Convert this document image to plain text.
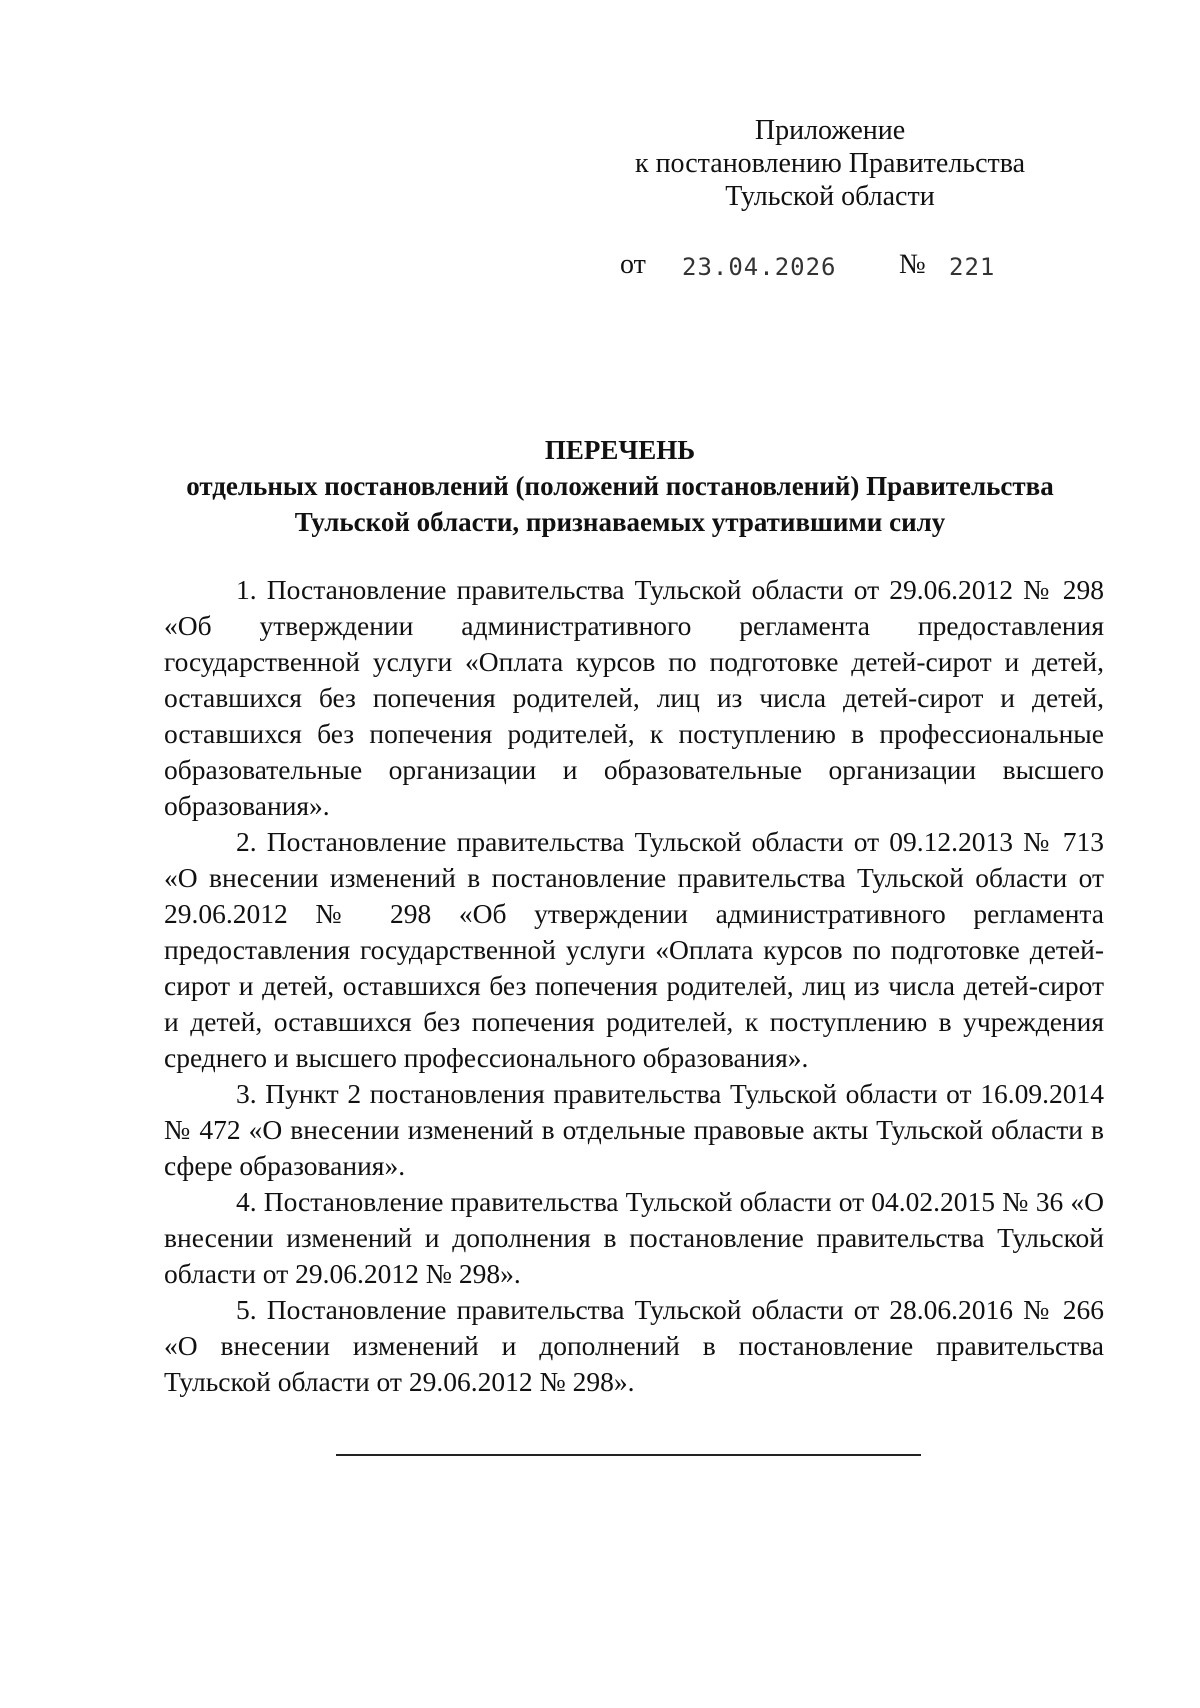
Приложение
к постановлению Правительства
Тульской области
от 23.04.2026 № 221
ПЕРЕЧЕНЬ
отдельных постановлений (положений постановлений) Правительства
Тульской области, признаваемых утратившими силу

1. Постановление правительства Тульской области от 29.06.2012 № 298 «Об утверждении административного регламента предоставления государственной услуги «Оплата курсов по подготовке детей-сирот и детей, оставшихся без попечения родителей, лиц из числа детей-сирот и детей, оставшихся без попечения родителей, к поступлению в профессиональные образовательные организации и образовательные организации высшего образования».

2. Постановление правительства Тульской области от 09.12.2013 № 713 «О внесении изменений в постановление правительства Тульской области от 29.06.2012 № 298 «Об утверждении административного регламента предоставления государственной услуги «Оплата курсов по подготовке детей-сирот и детей, оставшихся без попечения родителей, лиц из числа детей-сирот и детей, оставшихся без попечения родителей, к поступлению в учреждения среднего и высшего профессионального образования».

3. Пункт 2 постановления правительства Тульской области от 16.09.2014 № 472 «О внесении изменений в отдельные правовые акты Тульской области в сфере образования».

4. Постановление правительства Тульской области от 04.02.2015 № 36 «О внесении изменений и дополнения в постановление правительства Тульской области от 29.06.2012 № 298».

5. Постановление правительства Тульской области от 28.06.2016 № 266 «О внесении изменений и дополнений в постановление правительства Тульской области от 29.06.2012 № 298».
